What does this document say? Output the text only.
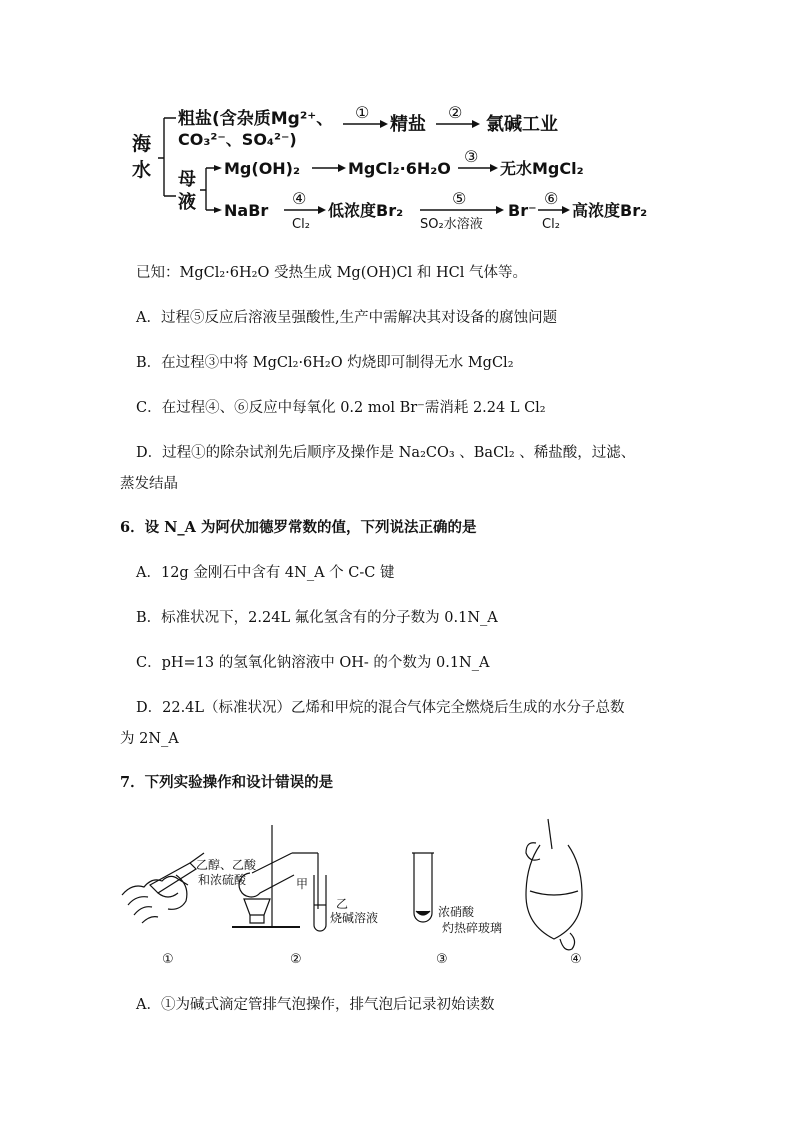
海
水
粗盐(含杂质Mg²⁺、
CO₃²⁻、SO₄²⁻)
①
精盐
②
氯碱工业
母
液
Mg(OH)₂	MgCl₂·6H₂O
③
无水MgCl₂
NaBr
④
Cl₂
低浓度Br₂
⑤
SO₂水溶液
Br⁻
⑥
Cl₂
高浓度Br₂
已知：MgCl₂·6H₂O 受热生成 Mg(OH)Cl 和 HCl 气体等。
A．过程⑤反应后溶液呈强酸性,生产中需解决其对设备的腐蚀问题
B．在过程③中将 MgCl₂·6H₂O 灼烧即可制得无水 MgCl₂
C．在过程④、⑥反应中每氧化 0.2 mol Br⁻需消耗 2.24 L Cl₂
D．过程①的除杂试剂先后顺序及操作是 Na₂CO₃ 、BaCl₂ 、稀盐酸，过滤、
蒸发结晶
6．设 N_A 为阿伏加德罗常数的值，下列说法正确的是
A．12g 金刚石中含有 4N_A 个 C-C 键
B．标准状况下，2.24L 氟化氢含有的分子数为 0.1N_A
C．pH=13 的氢氧化钠溶液中 OH- 的个数为 0.1N_A
D．22.4L（标准状况）乙烯和甲烷的混合气体完全燃烧后生成的水分子总数
为 2N_A
7．下列实验操作和设计错误的是
乙醇、乙酸
和浓硫酸	甲
乙
烧碱溶液	浓硝酸
灼热碎玻璃
①	②	③	④
A．①为碱式滴定管排气泡操作，排气泡后记录初始读数
